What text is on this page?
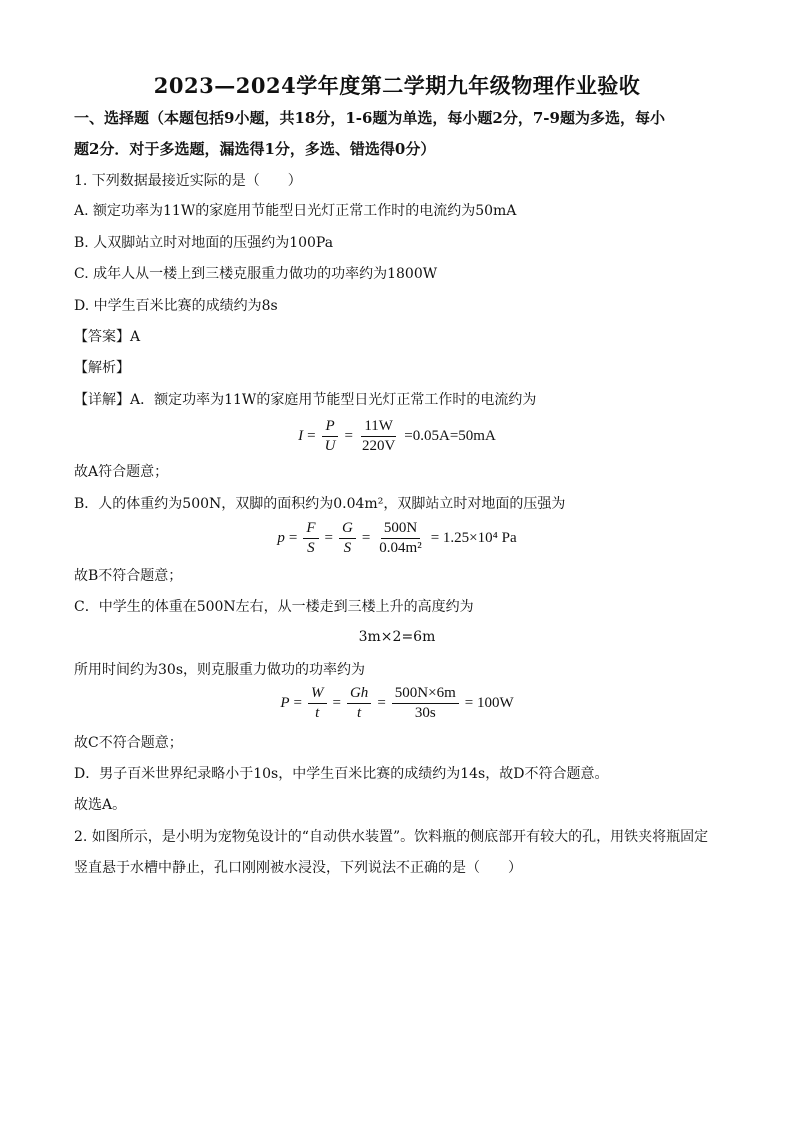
2023—2024学年度第二学期九年级物理作业验收
一、选择题（本题包括9小题，共18分，1-6题为单选，每小题2分，7-9题为多选，每小
题2分．对于多选题，漏选得1分，多选、错选得0分）
1. 下列数据最接近实际的是（　　）
A. 额定功率为11W的家庭用节能型日光灯正常工作时的电流约为50mA
B. 人双脚站立时对地面的压强约为100Pa
C. 成年人从一楼上到三楼克服重力做功的功率约为1800W
D. 中学生百米比赛的成绩约为8s
【答案】A
【解析】
【详解】A．额定功率为11W的家庭用节能型日光灯正常工作时的电流约为
$I = \frac{P}{U} = \frac{11W}{220V} =0.05A=50mA$
故A符合题意；
B．人的体重约为500N，双脚的面积约为0.04m²，双脚站立时对地面的压强为
$p = \frac{F}{S} = \frac{G}{S} = \frac{500N}{\text{0.04m²}} = 1.25\times 10^4$ Pa
故B不符合题意；
C．中学生的体重在500N左右，从一楼走到三楼上升的高度约为
3m×2=6m
所用时间约为30s，则克服重力做功的功率约为
$P = \frac{W}{t} = \frac{Gh}{t} = \frac{500N\times 6m}{30s} = 100W$
故C不符合题意；
D．男子百米世界纪录略小于10s，中学生百米比赛的成绩约为14s，故D不符合题意。
故选A。
2. 如图所示，是小明为宠物兔设计的“自动供水装置”。饮料瓶的侧底部开有较大的孔，用铁夹将瓶固定
竖直悬于水槽中静止，孔口刚刚被水浸没，下列说法不正确的是（　　）
